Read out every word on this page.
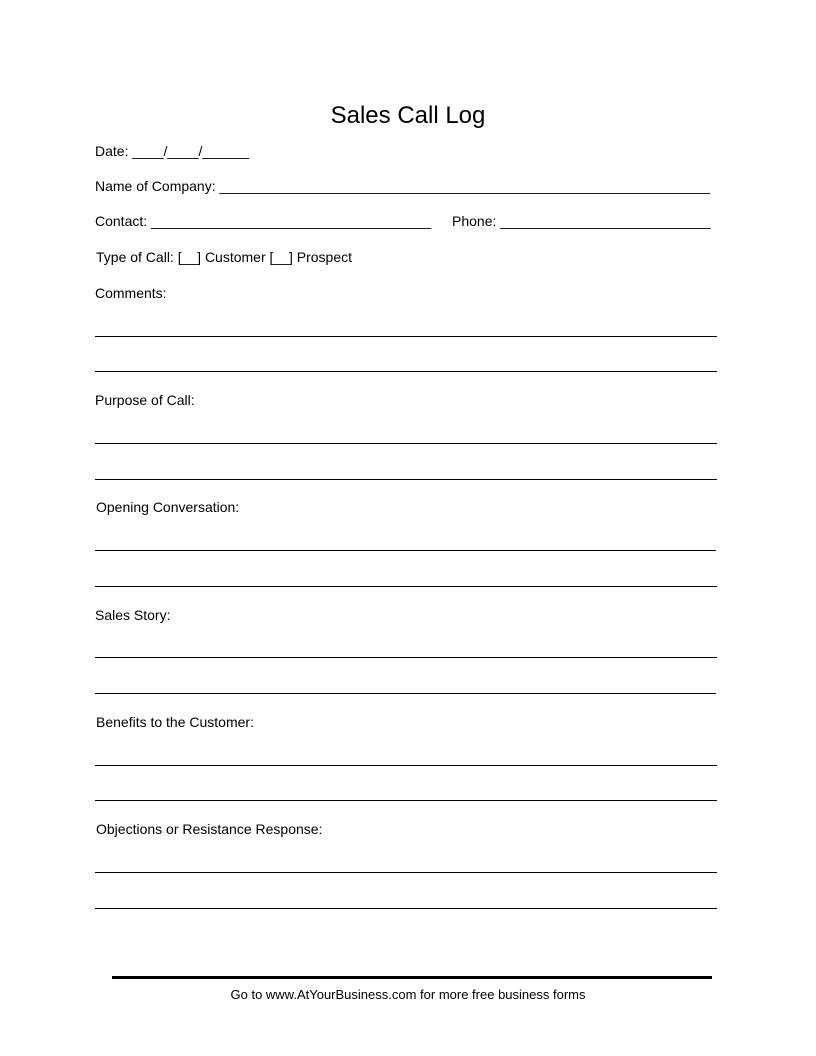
Sales Call Log
Date: ____/____/______
Name of Company: _______________________________________________________________
Contact: ____________________________________ Phone: ___________________________
Type of Call: [__] Customer [__] Prospect
Comments:
Purpose of Call:
Opening Conversation:
Sales Story:
Benefits to the Customer:
Objections or Resistance Response:
Go to www.AtYourBusiness.com for more free business forms
